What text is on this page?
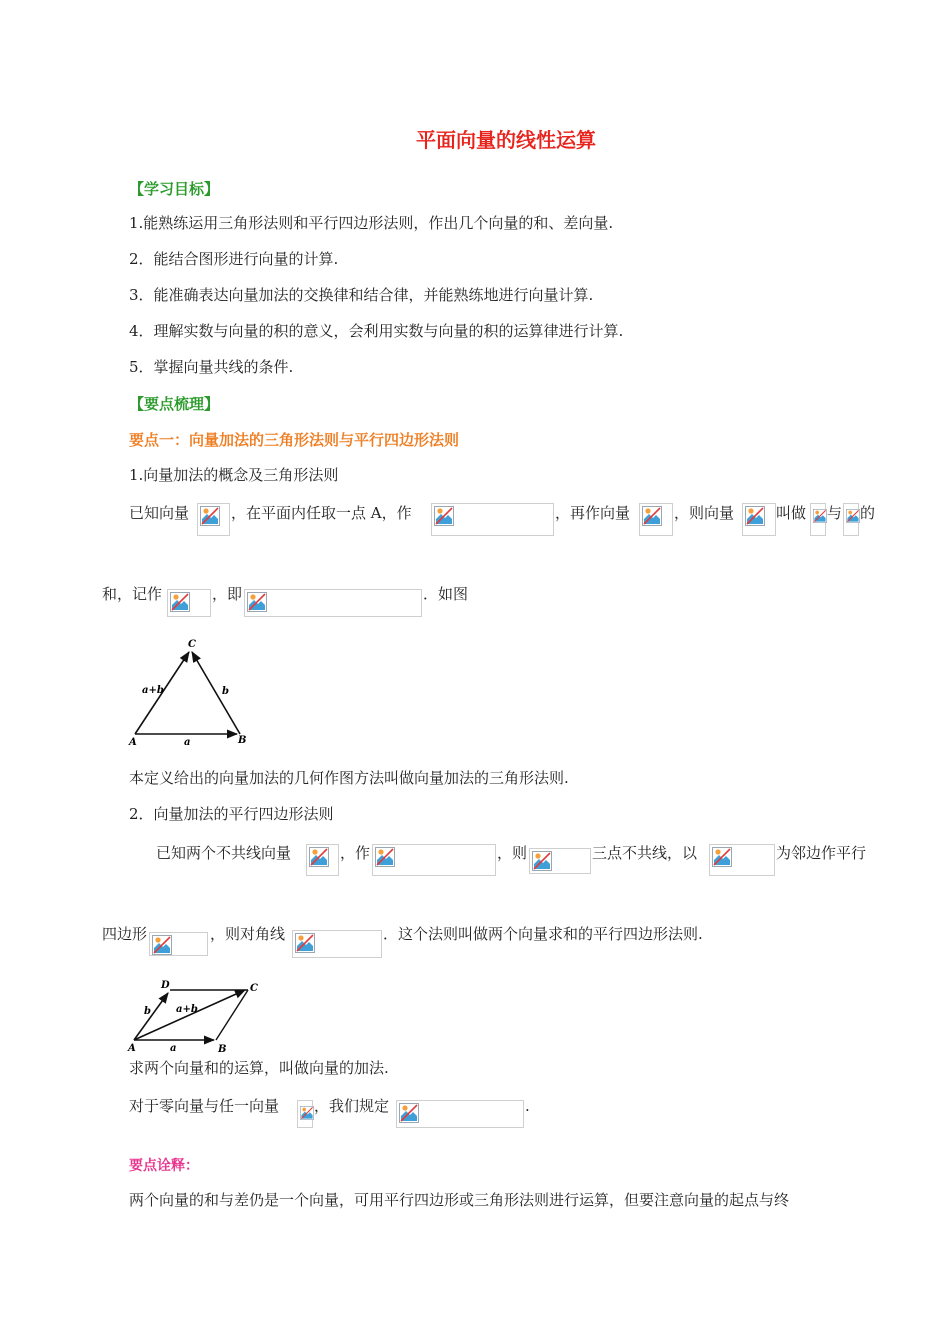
平面向量的线性运算
【学习目标】
1.能熟练运用三角形法则和平行四边形法则，作出几个向量的和、差向量.
2．能结合图形进行向量的计算.
3．能准确表达向量加法的交换律和结合律，并能熟练地进行向量计算.
4．理解实数与向量的积的意义，会利用实数与向量的积的运算律进行计算.
5．掌握向量共线的条件.
【要点梳理】
要点一：向量加法的三角形法则与平行四边形法则
1.向量加法的概念及三角形法则
已知向量	，在平面内任取一点 A，作	，再作向量	，则向量	叫做 与 的
和，记作	，即	．如图
C
A	B
a+b
a
b
本定义给出的向量加法的几何作图方法叫做向量加法的三角形法则.
2．向量加法的平行四边形法则
已知两个不共线向量	，作	，则	三点不共线，以	为邻边作平行
四边形	，则对角线	．这个法则叫做两个向量求和的平行四边形法则.
D	C
A	B
a+b
a
b
求两个向量和的运算，叫做向量的加法.
对于零向量与任一向量 ，我们规定	.
要点诠释：
两个向量的和与差仍是一个向量，可用平行四边形或三角形法则进行运算，但要注意向量的起点与终
